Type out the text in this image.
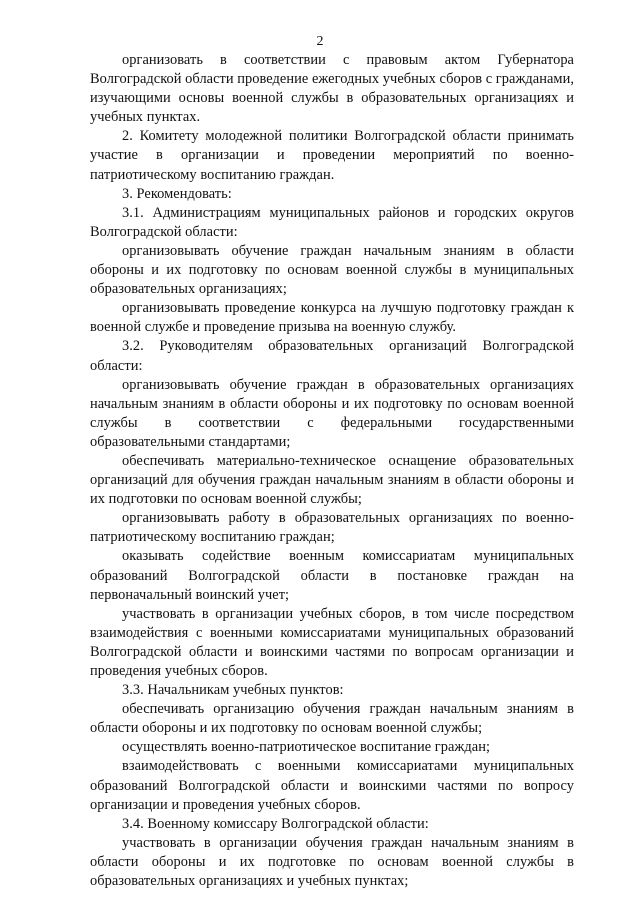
2

организовать в соответствии с правовым актом Губернатора Волгоградской области проведение ежегодных учебных сборов с гражданами, изучающими основы военной службы в образовательных организациях и учебных пунктах.

2. Комитету молодежной политики Волгоградской области принимать участие в организации и проведении мероприятий по военно-патриотическому воспитанию граждан.

3. Рекомендовать:

3.1. Администрациям муниципальных районов и городских округов Волгоградской области:

организовывать обучение граждан начальным знаниям в области обороны и их подготовку по основам военной службы в муниципальных образовательных организациях;

организовывать проведение конкурса на лучшую подготовку граждан к военной службе и проведение призыва на военную службу.

3.2. Руководителям образовательных организаций Волгоградской области:

организовывать обучение граждан в образовательных организациях начальным знаниям в области обороны и их подготовку по основам военной службы в соответствии с федеральными государственными образовательными стандартами;

обеспечивать материально-техническое оснащение образовательных организаций для обучения граждан начальным знаниям в области обороны и их подготовки по основам военной службы;

организовывать работу в образовательных организациях по военно-патриотическому воспитанию граждан;

оказывать содействие военным комиссариатам муниципальных образований Волгоградской области в постановке граждан на первоначальный воинский учет;

участвовать в организации учебных сборов, в том числе посредством взаимодействия с военными комиссариатами муниципальных образований Волгоградской области и воинскими частями по вопросам организации и проведения учебных сборов.

3.3. Начальникам учебных пунктов:

обеспечивать организацию обучения граждан начальным знаниям в области обороны и их подготовку по основам военной службы;

осуществлять военно-патриотическое воспитание граждан;

взаимодействовать с военными комиссариатами муниципальных образований Волгоградской области и воинскими частями по вопросу организации и проведения учебных сборов.

3.4. Военному комиссару Волгоградской области:

участвовать в организации обучения граждан начальным знаниям в области обороны и их подготовке по основам военной службы в образовательных организациях и учебных пунктах;
